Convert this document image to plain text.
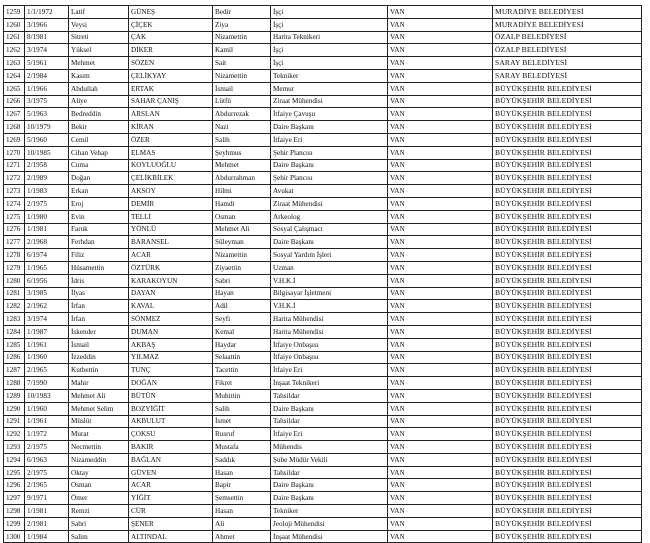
1259	1/1/1972	Latif	GÜNEŞ	Bedir	İşçi	VAN	MURADİYE BELEDİYESİ
1260	3/1966	Veysi	ÇİÇEK	Ziya	İşçi	VAN	MURADİYE BELEDİYESİ
1261	8/1981	Sitreti	ÇAK	Nizamettin	Harita Teknikeri	VAN	ÖZALP BELEDİYESİ
1262	3/1974	Yüksel	DİKER	Kamil	İşçi	VAN	ÖZALP BELEDİYESİ
1263	5/1961	Mehmet	SÖZEN	Sait	İşçi	VAN	SARAY BELEDİYESİ
1264	2/1984	Kasım	ÇELİKYAY	Nizamettin	Tekniker	VAN	SARAY BELEDİYESİ
1265	1/1966	Abdullah	ERTAK	İsmail	Memur	VAN	BÜYÜKŞEHİR BELEDİYESİ
1266	3/1975	Aliye	SAHAR ÇANIŞ	Lütfü	Ziraat Mühendisi	VAN	BÜYÜKŞEHİR BELEDİYESİ
1267	5/1963	Bedreddin	ARSLAN	Abdurrezak	İtfaiye Çavuşu	VAN	BÜYÜKŞEHİR BELEDİYESİ
1268	10/1979	Bekir	KİRAN	Nazi	Daire Başkanı	VAN	BÜYÜKŞEHİR BELEDİYESİ
1269	5/1960	Cemil	ÖZER	Salih	İtfaiye Eri	VAN	BÜYÜKŞEHİR BELEDİYESİ
1270	10/1985	Cihan Vehap	ELMAS	Şeyhmus	Şehir Plancısı	VAN	BÜYÜKŞEHİR BELEDİYESİ
1271	2/1958	Cuma	KOYLUOĞLU	Mehmet	Daire Başkanı	VAN	BÜYÜKŞEHİR BELEDİYESİ
1272	2/1989	Doğan	ÇELİKBİLEK	Abdurrahman	Şehir Plancısı	VAN	BÜYÜKŞEHİR BELEDİYESİ
1273	1/1983	Erkan	AKSOY	Hilmi	Avukat	VAN	BÜYÜKŞEHİR BELEDİYESİ
1274	2/1975	Eroj	DEMİR	Hamdi	Ziraat Mühendisi	VAN	BÜYÜKŞEHİR BELEDİYESİ
1275	1/1980	Evin	TELLİ	Osman	Arkeolog	VAN	BÜYÜKŞEHİR BELEDİYESİ
1276	1/1981	Faruk	YÖNLÜ	Mehmet Ali	Sosyal Çalışmacı	VAN	BÜYÜKŞEHİR BELEDİYESİ
1277	2/1968	Ferhdan	BARANSEL	Süleyman	Daire Başkanı	VAN	BÜYÜKŞEHİR BELEDİYESİ
1278	6/1974	Filiz	ACAR	Nizamettin	Sosyal Yardım İşleri	VAN	BÜYÜKŞEHİR BELEDİYESİ
1279	1/1965	Hüsamettin	ÖZTÜRK	Ziyaettin	Uzman	VAN	BÜYÜKŞEHİR BELEDİYESİ
1280	6/1956	İdris	KARAKOYUN	Sabri	V.H.K.İ	VAN	BÜYÜKŞEHİR BELEDİYESİ
1281	3/1985	İlyas	DAYAN	Hayan	Bilgisayar İşletmeni	VAN	BÜYÜKŞEHİR BELEDİYESİ
1282	2/1962	İrfan	KAVAL	Adil	V.H.K.İ	VAN	BÜYÜKŞEHİR BELEDİYESİ
1283	3/1974	İrfan	SÖNMEZ	Seyfi	Harita Mühendisi	VAN	BÜYÜKŞEHİR BELEDİYESİ
1284	1/1987	İskender	DUMAN	Kemal	Harita Mühendisi	VAN	BÜYÜKŞEHİR BELEDİYESİ
1285	1/1961	İsmail	AKBAŞ	Haydar	İtfaiye Onbaşısı	VAN	BÜYÜKŞEHİR BELEDİYESİ
1286	1/1960	İzzeddin	YILMAZ	Selaattin	İtfaiye Onbaşısı	VAN	BÜYÜKŞEHİR BELEDİYESİ
1287	2/1965	Kutbettin	TUNÇ	Tacettin	İtfaiye Eri	VAN	BÜYÜKŞEHİR BELEDİYESİ
1288	7/1990	Mahir	DOĞAN	Fikret	İnşaat Teknikeri	VAN	BÜYÜKŞEHİR BELEDİYESİ
1289	10/1983	Mehmet Ali	BÜTÜN	Muhittin	Tahsildar	VAN	BÜYÜKŞEHİR BELEDİYESİ
1290	1/1960	Mehmet Selim	BOZYİĞİT	Salih	Daire Başkanı	VAN	BÜYÜKŞEHİR BELEDİYESİ
1291	1/1961	Müslüt	AKBULUT	İsmet	Tahsildar	VAN	BÜYÜKŞEHİR BELEDİYESİ
1292	1/1972	Murat	ÇOKSU	Rusruf	İtfaiye Eri	VAN	BÜYÜKŞEHİR BELEDİYESİ
1293	2/1975	Necmettin	BAKIR	Mustafa	Mühendis	VAN	BÜYÜKŞEHİR BELEDİYESİ
1294	6/1963	Nizameddin	BAĞLAN	Saddık	Şube Müdür Vekili	VAN	BÜYÜKŞEHİR BELEDİYESİ
1295	2/1975	Oktay	GÜVEN	Hasan	Tahsildar	VAN	BÜYÜKŞEHİR BELEDİYESİ
1296	2/1965	Osman	ACAR	Bapir	Daire Başkanı	VAN	BÜYÜKŞEHİR BELEDİYESİ
1297	9/1971	Ömer	YİĞİT	Şemsettin	Daire Başkanı	VAN	BÜYÜKŞEHİR BELEDİYESİ
1298	1/1981	Remzi	CÜR	Hasan	Tekniker	VAN	BÜYÜKŞEHİR BELEDİYESİ
1299	2/1981	Sabri	ŞENER	Ali	Jeoloji Mühendisi	VAN	BÜYÜKŞEHİR BELEDİYESİ
1300	1/1984	Salim	ALTINDAL	Ahmet	İnşaat Mühendisi	VAN	BÜYÜKŞEHİR BELEDİYESİ
